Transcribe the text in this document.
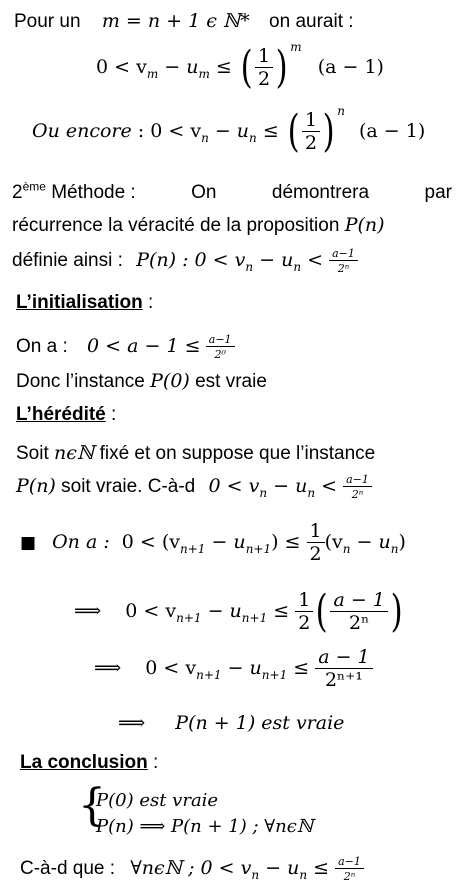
Pour un m = n + 1 ϵ ℕ* on aurait :
$0 < v_m - u_m$ ≤ ( $\frac{1}{2}$ ) $^m$ (a − 1)
Ou encore : $0 < v_n - u_n$ ≤ ( $\frac{1}{2}$ ) $^n$ (a − 1)
2ème Méthode :	On	démontrera	par
récurrence la véracité de la proposition P(n)
définie ainsi : P(n) : $0 < v_n - u_n < \frac{a-1}{\text{2ⁿ}}$
L’initialisation :
On a : $0 < a - 1 \le \frac{a-1}{\text{2⁰}}$
Donc l’instance P(0) est vraie
L’hérédité :
Soit nϵℕ fixé et on suppose que l’instance
P(n) soit vraie. C-à-d $0 < v_n - u_n < \frac{a-1}{\text{2ⁿ}}$
■ On a : $0 < (v_{n+1} - u_{n+1}) \le \frac{1}{2} (v_n - u_n)$
⟹ $0 < v_{n+1} - u_{n+1} \le \frac{1}{2}$ ( $\frac{a - 1}{\text{2ⁿ}}$ )
⟹ $0 < v_{n+1} - u_{n+1} \le \frac{a - 1}{\text{2ⁿ⁺¹}}$
⟹ P(n + 1) est vraie
La conclusion :
{
P(0) est vraie
P(n) ⟹ P(n + 1) ; ∀nϵℕ
C-à-d que : ∀nϵℕ ; $0 < v_n - u_n \le \frac{a-1}{\text{2ⁿ}}$
